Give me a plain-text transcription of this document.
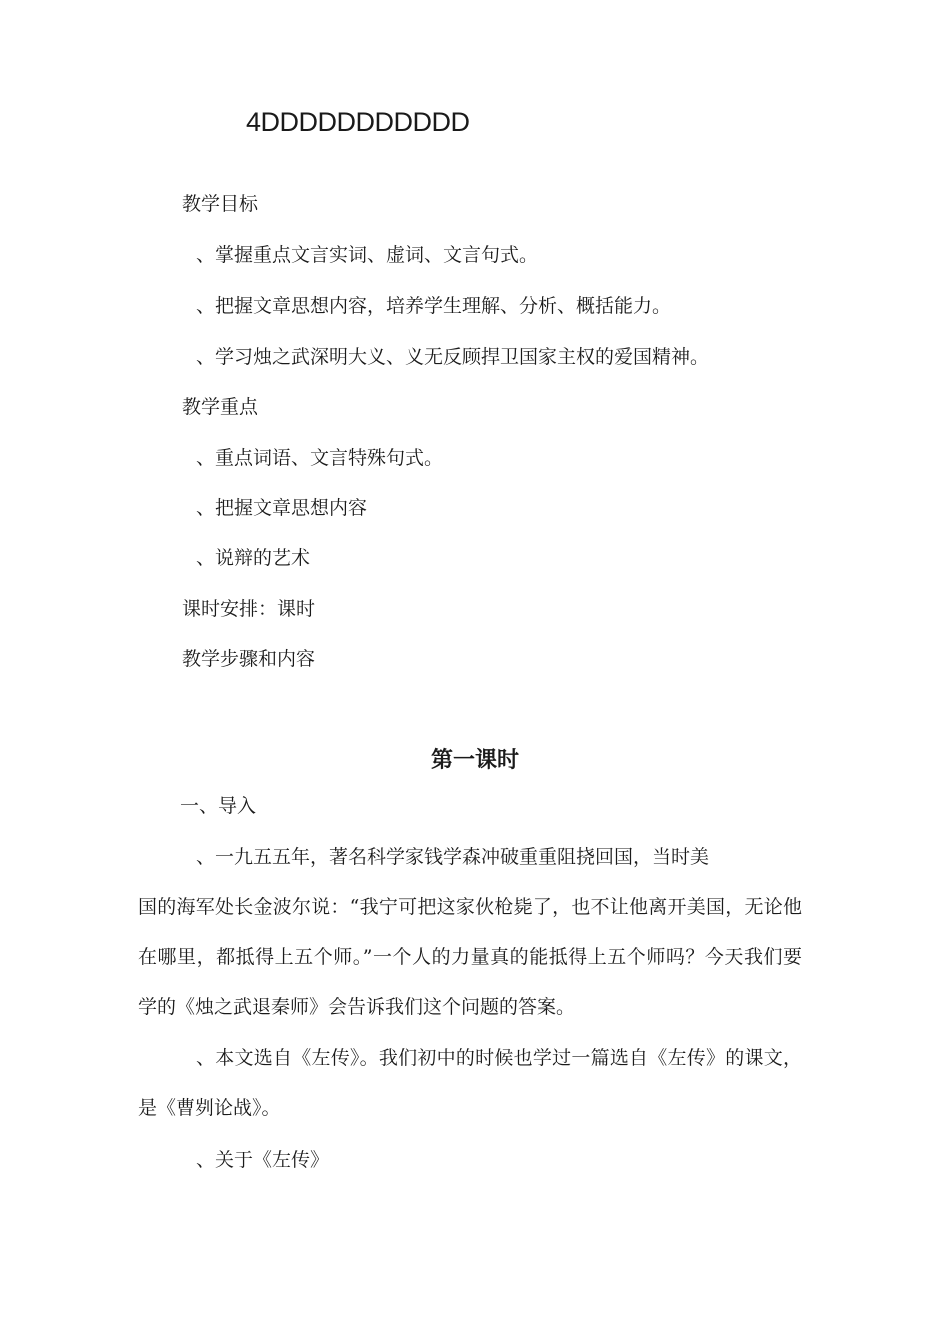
4DDDDDDDDDDD
教学目标
、掌握重点文言实词、虚词、文言句式。
、把握文章思想内容，培养学生理解、分析、概括能力。
、学习烛之武深明大义、义无反顾捍卫国家主权的爱国精神。
教学重点
、重点词语、文言特殊句式。
、把握文章思想内容
、说辩的艺术
课时安排：课时
教学步骤和内容
第一课时
一、导入
、一九五五年，著名科学家钱学森冲破重重阻挠回国，当时美
国的海军处长金波尔说：“我宁可把这家伙枪毙了，也不让他离开美国，无论他在哪里，都抵得上五个师。”一个人的力量真的能抵得上五个师吗？今天我们要学的《烛之武退秦师》会告诉我们这个问题的答案。
、本文选自《左传》。我们初中的时候也学过一篇选自《左传》的课文，是《曹刿论战》。
、关于《左传》
